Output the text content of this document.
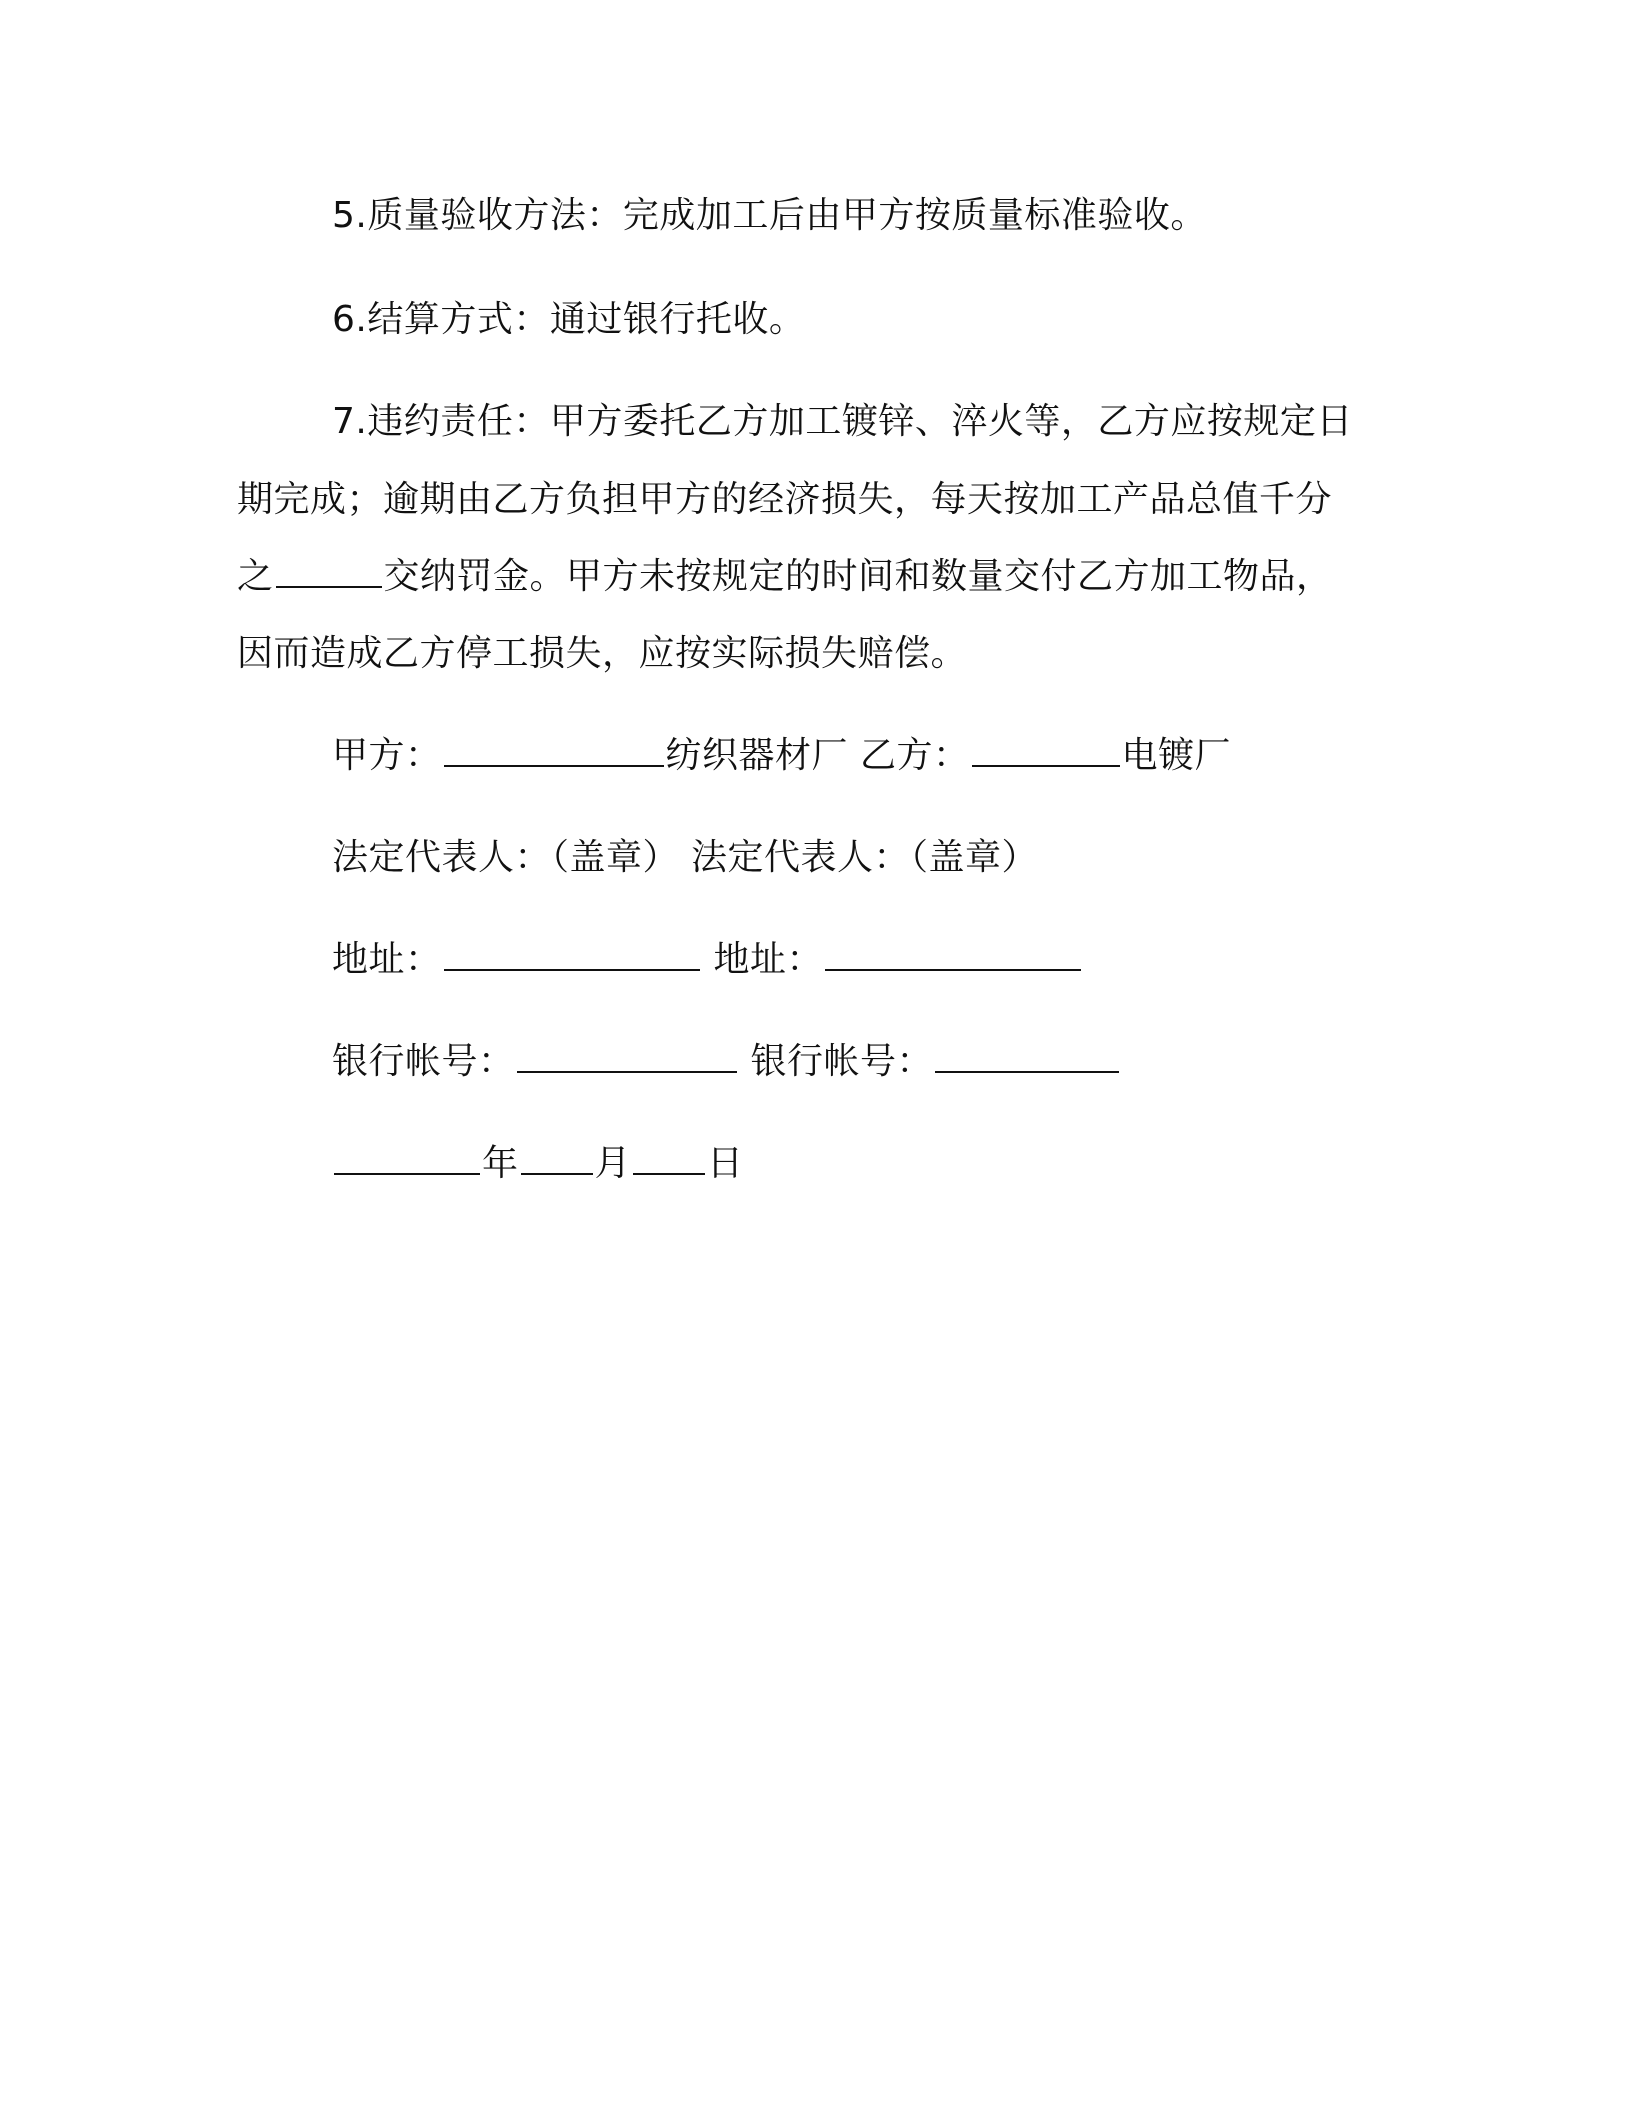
5.质量验收方法：完成加工后由甲方按质量标准验收。
6.结算方式：通过银行托收。
7.违约责任：甲方委托乙方加工镀锌、淬火等，乙方应按规定日
期完成；逾期由乙方负担甲方的经济损失，每天按加工产品总值千分
之	交纳罚金。甲方未按规定的时间和数量交付乙方加工物品，
因而造成乙方停工损失，应按实际损失赔偿。
甲方：	纺织器材厂 乙方：	电镀厂
法定代表人：（盖章） 法定代表人：（盖章）
地址：	地址：
银行帐号：	银行帐号：
年 月 日
